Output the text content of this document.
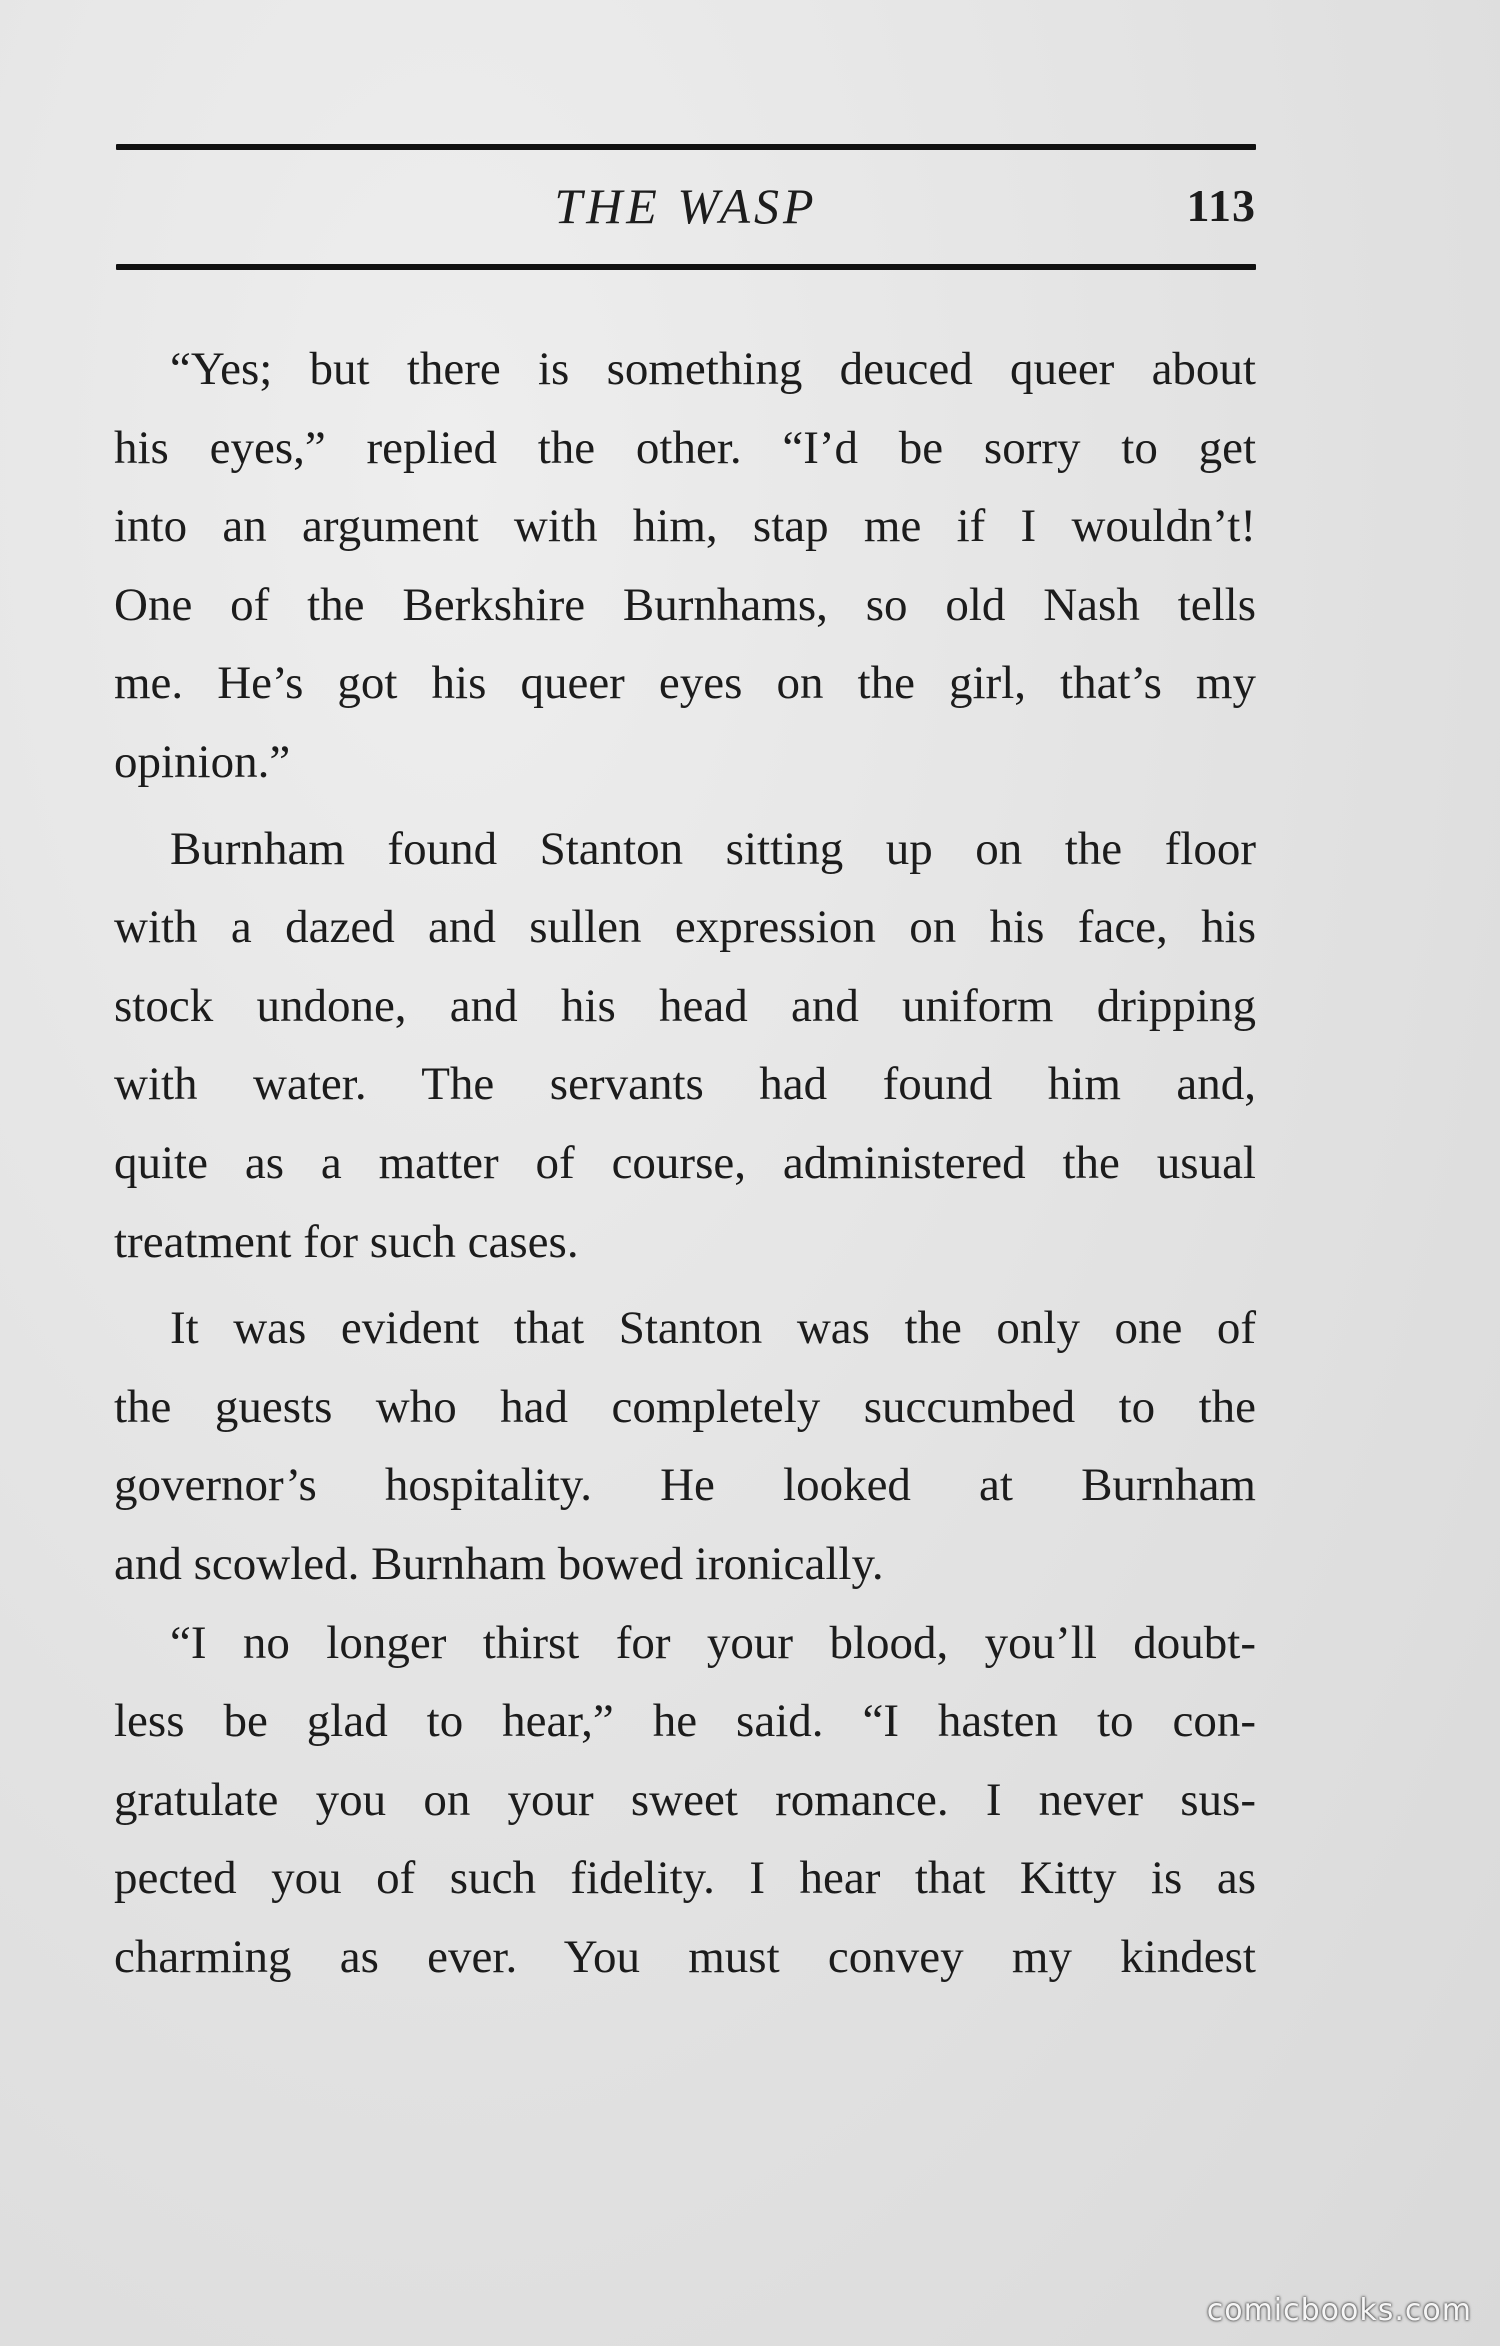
THE WASP	113
“Yes; but there is something deuced queer about
his eyes,” replied the other. “I’d be sorry to get
into an argument with him, stap me if I wouldn’t!
One of the Berkshire Burnhams, so old Nash tells
me. He’s got his queer eyes on the girl, that’s my
opinion.”
Burnham found Stanton sitting up on the floor
with a dazed and sullen expression on his face, his
stock undone, and his head and uniform dripping
with water. The servants had found him and,
quite as a matter of course, administered the usual
treatment for such cases.
It was evident that Stanton was the only one of
the guests who had completely succumbed to the
governor’s hospitality. He looked at Burnham
and scowled. Burnham bowed ironically.
“I no longer thirst for your blood, you’ll doubt-
less be glad to hear,” he said. “I hasten to con-
gratulate you on your sweet romance. I never sus-
pected you of such fidelity. I hear that Kitty is as
charming as ever. You must convey my kindest
comicbooks.com
